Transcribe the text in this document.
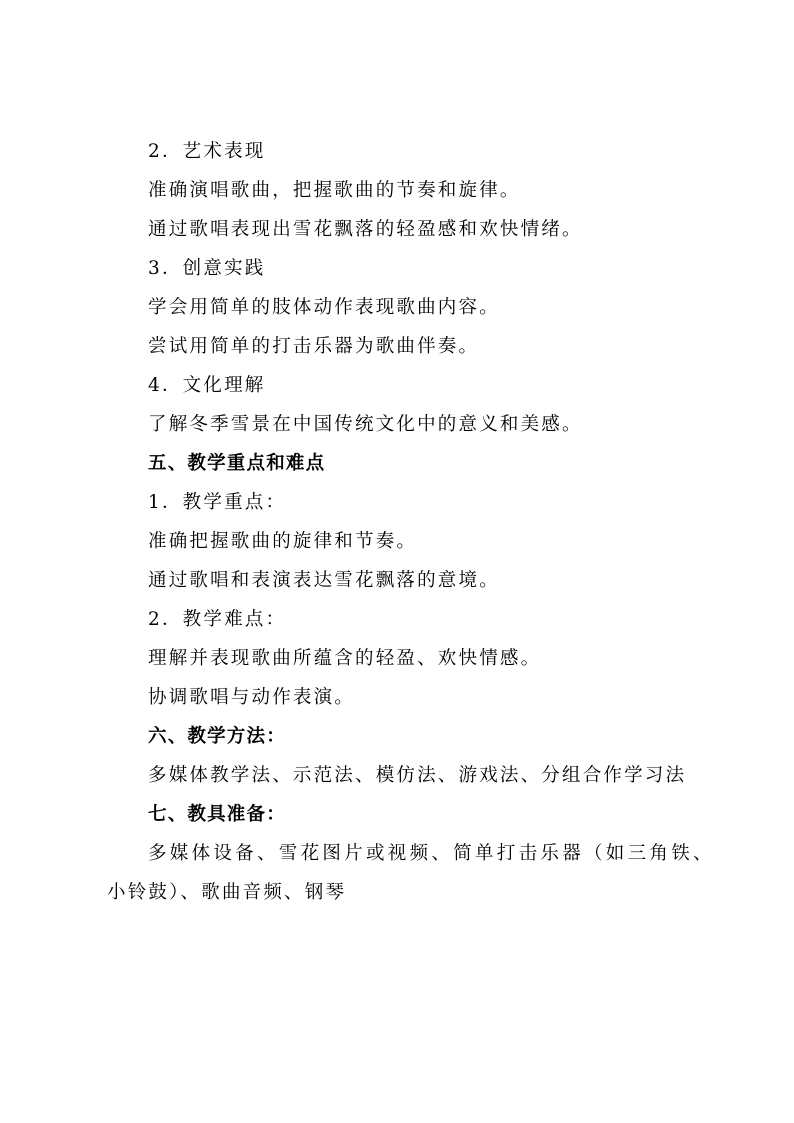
2．艺术表现
准确演唱歌曲，把握歌曲的节奏和旋律。
通过歌唱表现出雪花飘落的轻盈感和欢快情绪。
3．创意实践
学会用简单的肢体动作表现歌曲内容。
尝试用简单的打击乐器为歌曲伴奏。
4．文化理解
了解冬季雪景在中国传统文化中的意义和美感。
五、教学重点和难点
1．教学重点：
准确把握歌曲的旋律和节奏。
通过歌唱和表演表达雪花飘落的意境。
2．教学难点：
理解并表现歌曲所蕴含的轻盈、欢快情感。
协调歌唱与动作表演。
六、教学方法：
多媒体教学法、示范法、模仿法、游戏法、分组合作学习法
七、教具准备：
多媒体设备、雪花图片或视频、简单打击乐器（如三角铁、
小铃鼓）、歌曲音频、钢琴
